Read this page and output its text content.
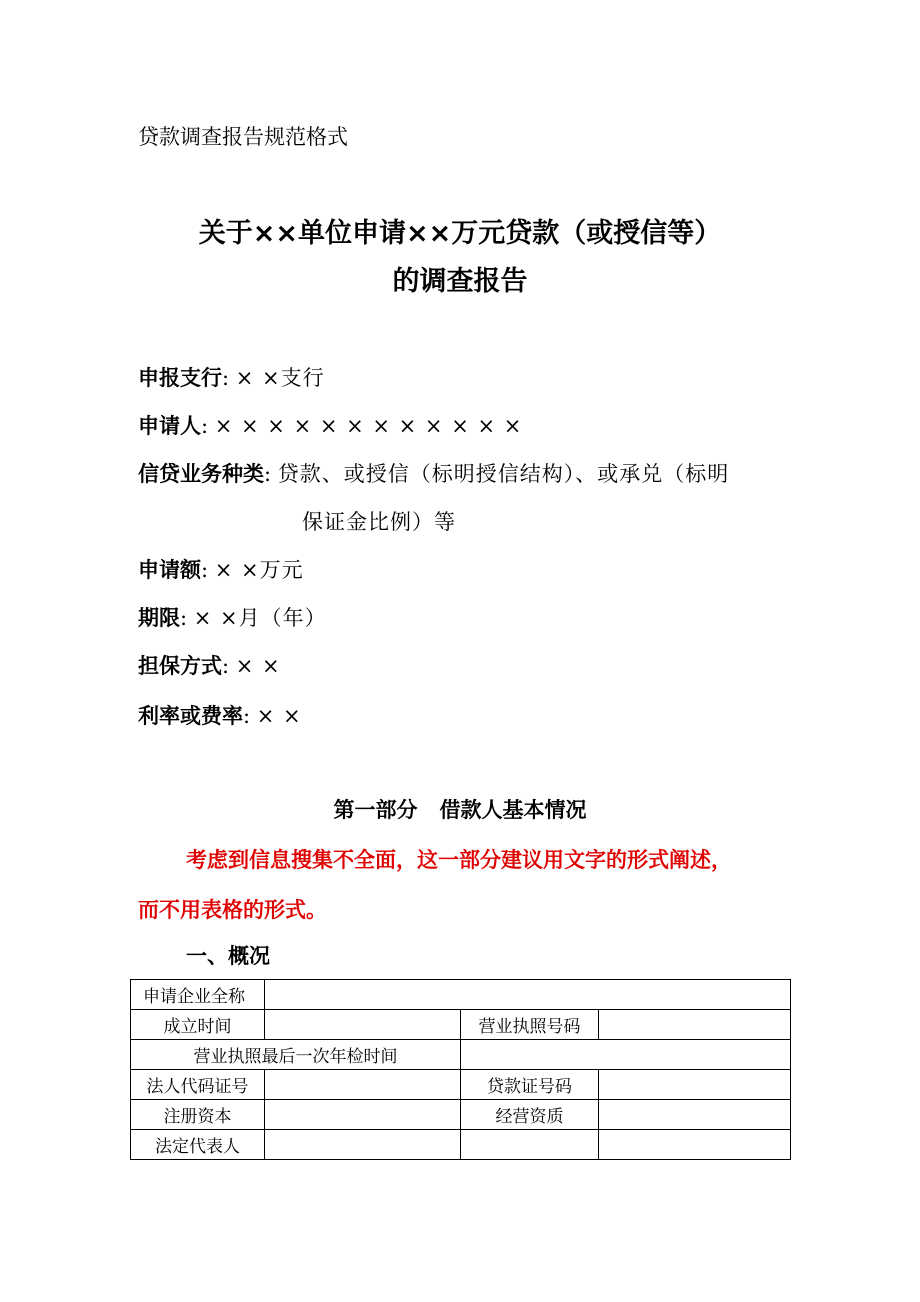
贷款调查报告规范格式
关于××单位申请××万元贷款（或授信等）
的调查报告
申报支行: × ×支行
申请人: × × × × × × × × × × × ×
信贷业务种类: 贷款、或授信（标明授信结构）、或承兑（标明
保证金比例）等
申请额: × ×万元
期限: × ×月（年）
担保方式: × ×
利率或费率: × ×
第一部分   借款人基本情况
考虑到信息搜集不全面，这一部分建议用文字的形式阐述，
而不用表格的形式。
一、概况
申请企业全称			
成立时间		营业执照号码	
营业执照最后一次年检时间			
法人代码证号		贷款证号码	
注册资本		经营资质	
法定代表人			
